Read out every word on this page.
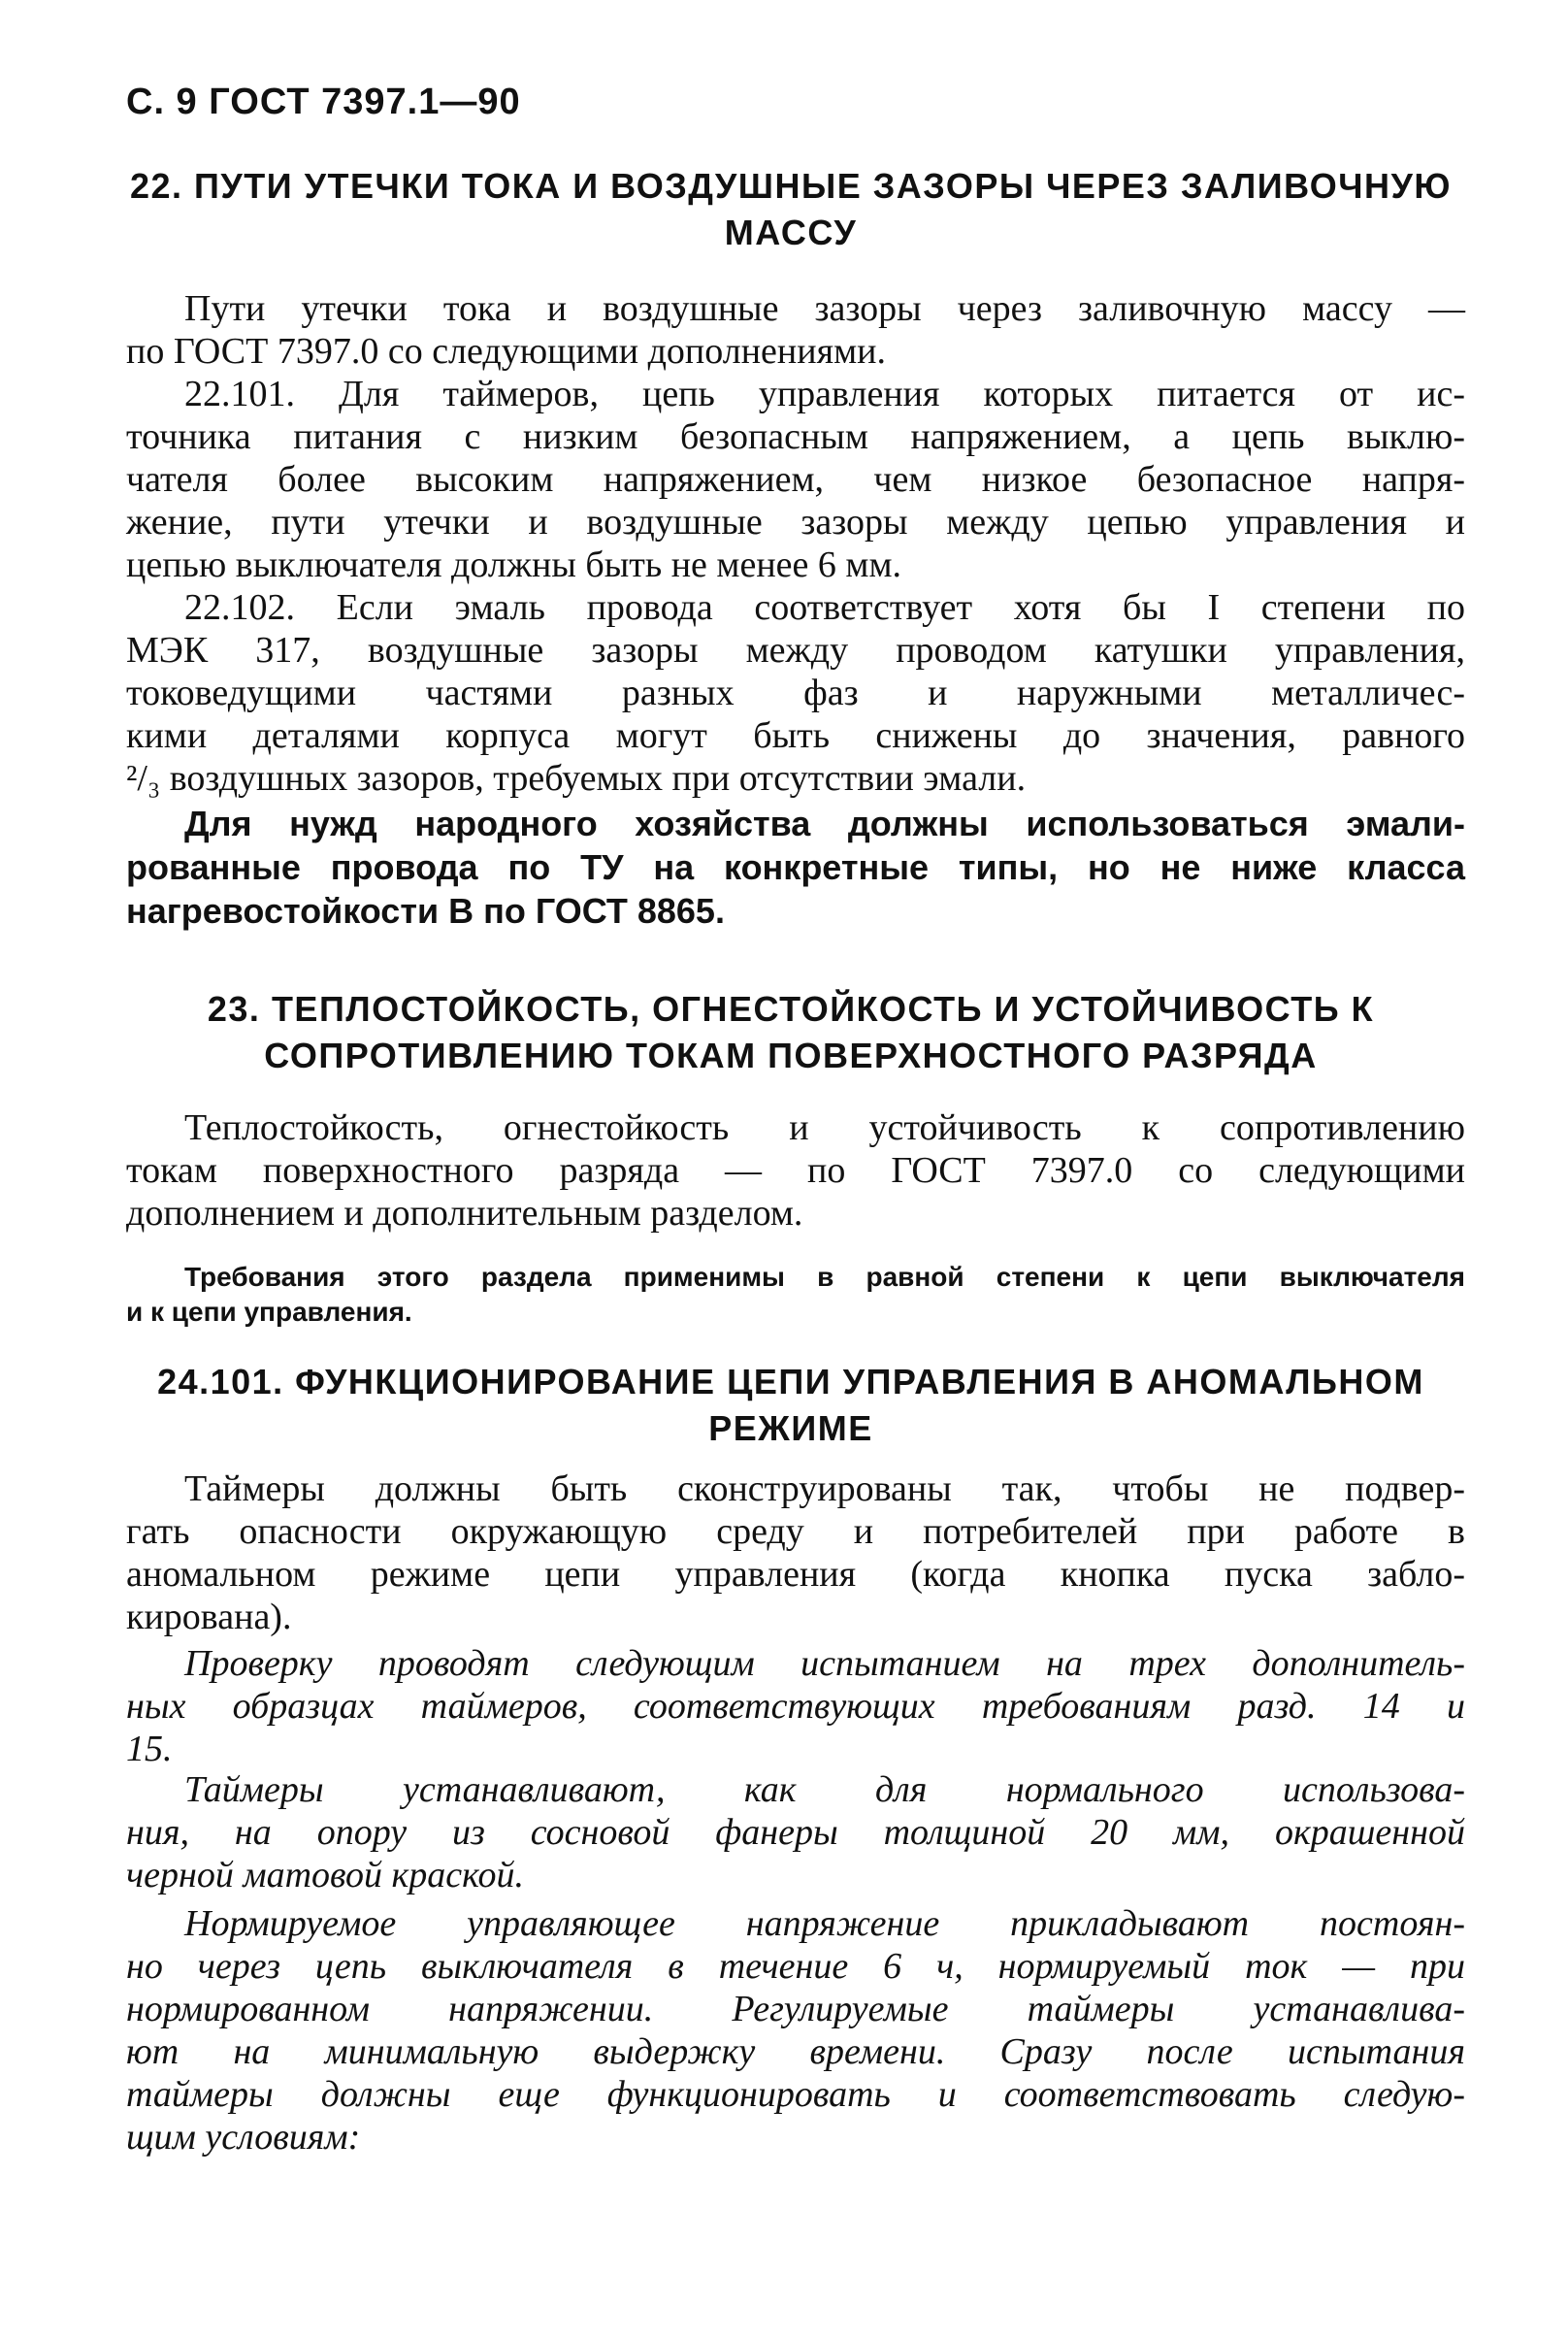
С. 9 ГОСТ 7397.1—90
22. ПУТИ УТЕЧКИ ТОКА И ВОЗДУШНЫЕ ЗАЗОРЫ ЧЕРЕЗ ЗАЛИВОЧНУЮ
МАССУ
Пути утечки тока и воздушные зазоры через заливочную массу —
по ГОСТ 7397.0 со следующими дополнениями.
22.101. Для таймеров, цепь управления которых питается от ис-
точника питания с низким безопасным напряжением, а цепь выклю-
чателя более высоким напряжением, чем низкое безопасное напря-
жение, пути утечки и воздушные зазоры между цепью управления и
цепью выключателя должны быть не менее 6 мм.
22.102. Если эмаль провода соответствует хотя бы I степени по
МЭК 317, воздушные зазоры между проводом катушки управления,
токоведущими частями разных фаз и наружными металличес-
кими деталями корпуса могут быть снижены до значения, равного
²/₃ воздушных зазоров, требуемых при отсутствии эмали.
Для нужд народного хозяйства должны использоваться эмали-
рованные провода по ТУ на конкретные типы, но не ниже класса
нагревостойкости В по ГОСТ 8865.
23. ТЕПЛОСТОЙКОСТЬ, ОГНЕСТОЙКОСТЬ И УСТОЙЧИВОСТЬ К
СОПРОТИВЛЕНИЮ ТОКАМ ПОВЕРХНОСТНОГО РАЗРЯДА
Теплостойкость, огнестойкость и устойчивость к сопротивлению
токам поверхностного разряда — по ГОСТ 7397.0 со следующими
дополнением и дополнительным разделом.
Требования этого раздела применимы в равной степени к цепи выключателя
и к цепи управления.
24.101. ФУНКЦИОНИРОВАНИЕ ЦЕПИ УПРАВЛЕНИЯ В АНОМАЛЬНОМ
РЕЖИМЕ
Таймеры должны быть сконструированы так, чтобы не подвер-
гать опасности окружающую среду и потребителей при работе в
аномальном режиме цепи управления (когда кнопка пуска забло-
кирована).
Проверку проводят следующим испытанием на трех дополнитель-
ных образцах таймеров, соответствующих требованиям разд. 14 и
15.
Таймеры устанавливают, как для нормального использова-
ния, на опору из сосновой фанеры толщиной 20 мм, окрашенной
черной матовой краской.
Нормируемое управляющее напряжение прикладывают постоян-
но через цепь выключателя в течение 6 ч, нормируемый ток — при
нормированном напряжении. Регулируемые таймеры устанавлива-
ют на минимальную выдержку времени. Сразу после испытания
таймеры должны еще функционировать и соответствовать следую-
щим условиям:
